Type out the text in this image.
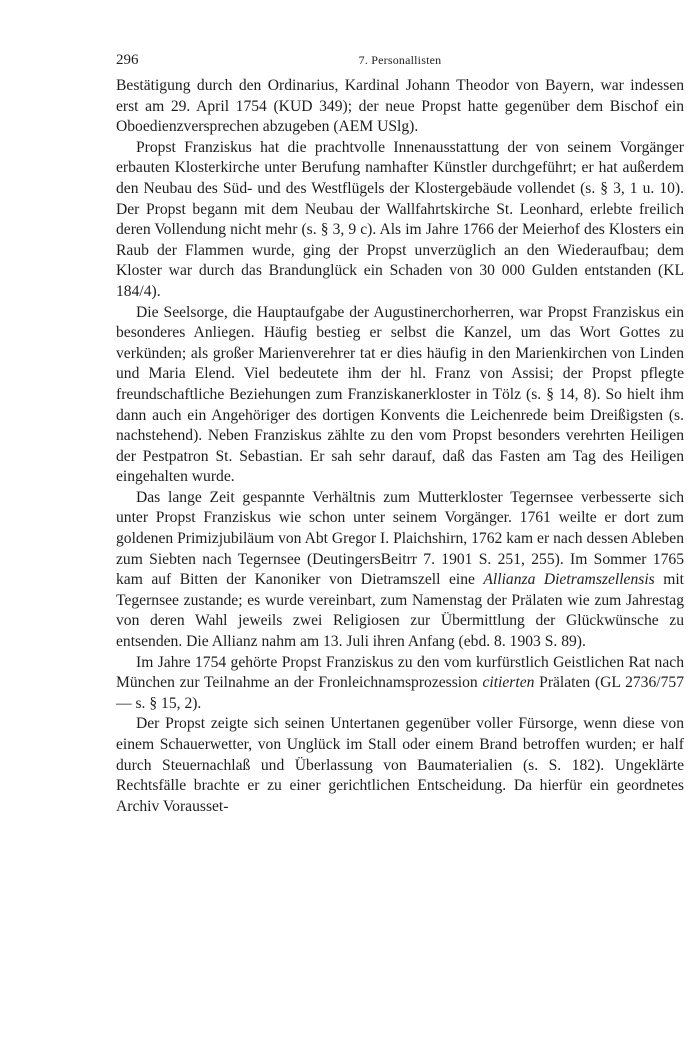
296	7. Personallisten

Bestätigung durch den Ordinarius, Kardinal Johann Theodor von Bayern, war indessen erst am 29. April 1754 (KUD 349); der neue Propst hatte gegenüber dem Bischof ein Oboedienzversprechen abzugeben (AEM USlg).

Propst Franziskus hat die prachtvolle Innenausstattung der von seinem Vorgänger erbauten Klosterkirche unter Berufung namhafter Künstler durchgeführt; er hat außerdem den Neubau des Süd- und des Westflügels der Klostergebäude vollendet (s. § 3, 1 u. 10). Der Propst begann mit dem Neubau der Wallfahrtskirche St. Leonhard, erlebte freilich deren Vollendung nicht mehr (s. § 3, 9 c). Als im Jahre 1766 der Meierhof des Klosters ein Raub der Flammen wurde, ging der Propst unverzüglich an den Wiederaufbau; dem Kloster war durch das Brandunglück ein Schaden von 30 000 Gulden entstanden (KL 184/4).

Die Seelsorge, die Hauptaufgabe der Augustinerchorherren, war Propst Franziskus ein besonderes Anliegen. Häufig bestieg er selbst die Kanzel, um das Wort Gottes zu verkünden; als großer Marienverehrer tat er dies häufig in den Marienkirchen von Linden und Maria Elend. Viel bedeutete ihm der hl. Franz von Assisi; der Propst pflegte freundschaftliche Beziehungen zum Franziskanerkloster in Tölz (s. § 14, 8). So hielt ihm dann auch ein Angehöriger des dortigen Konvents die Leichenrede beim Dreißigsten (s. nachstehend). Neben Franziskus zählte zu den vom Propst besonders verehrten Heiligen der Pestpatron St. Sebastian. Er sah sehr darauf, daß das Fasten am Tag des Heiligen eingehalten wurde.

Das lange Zeit gespannte Verhältnis zum Mutterkloster Tegernsee verbesserte sich unter Propst Franziskus wie schon unter seinem Vorgänger. 1761 weilte er dort zum goldenen Primizjubiläum von Abt Gregor I. Plaichshirn, 1762 kam er nach dessen Ableben zum Siebten nach Tegernsee (DeutingersBeitrr 7. 1901 S. 251, 255). Im Sommer 1765 kam auf Bitten der Kanoniker von Dietramszell eine Allianza Dietramszellensis mit Tegernsee zustande; es wurde vereinbart, zum Namenstag der Prälaten wie zum Jahrestag von deren Wahl jeweils zwei Religiosen zur Übermittlung der Glückwünsche zu entsenden. Die Allianz nahm am 13. Juli ihren Anfang (ebd. 8. 1903 S. 89).

Im Jahre 1754 gehörte Propst Franziskus zu den vom kurfürstlich Geistlichen Rat nach München zur Teilnahme an der Fronleichnamsprozession citierten Prälaten (GL 2736/757 — s. § 15, 2).

Der Propst zeigte sich seinen Untertanen gegenüber voller Fürsorge, wenn diese von einem Schauerwetter, von Unglück im Stall oder einem Brand betroffen wurden; er half durch Steuernachlaß und Überlassung von Baumaterialien (s. S. 182). Ungeklärte Rechtsfälle brachte er zu einer gerichtlichen Entscheidung. Da hierfür ein geordnetes Archiv Vorausset-
